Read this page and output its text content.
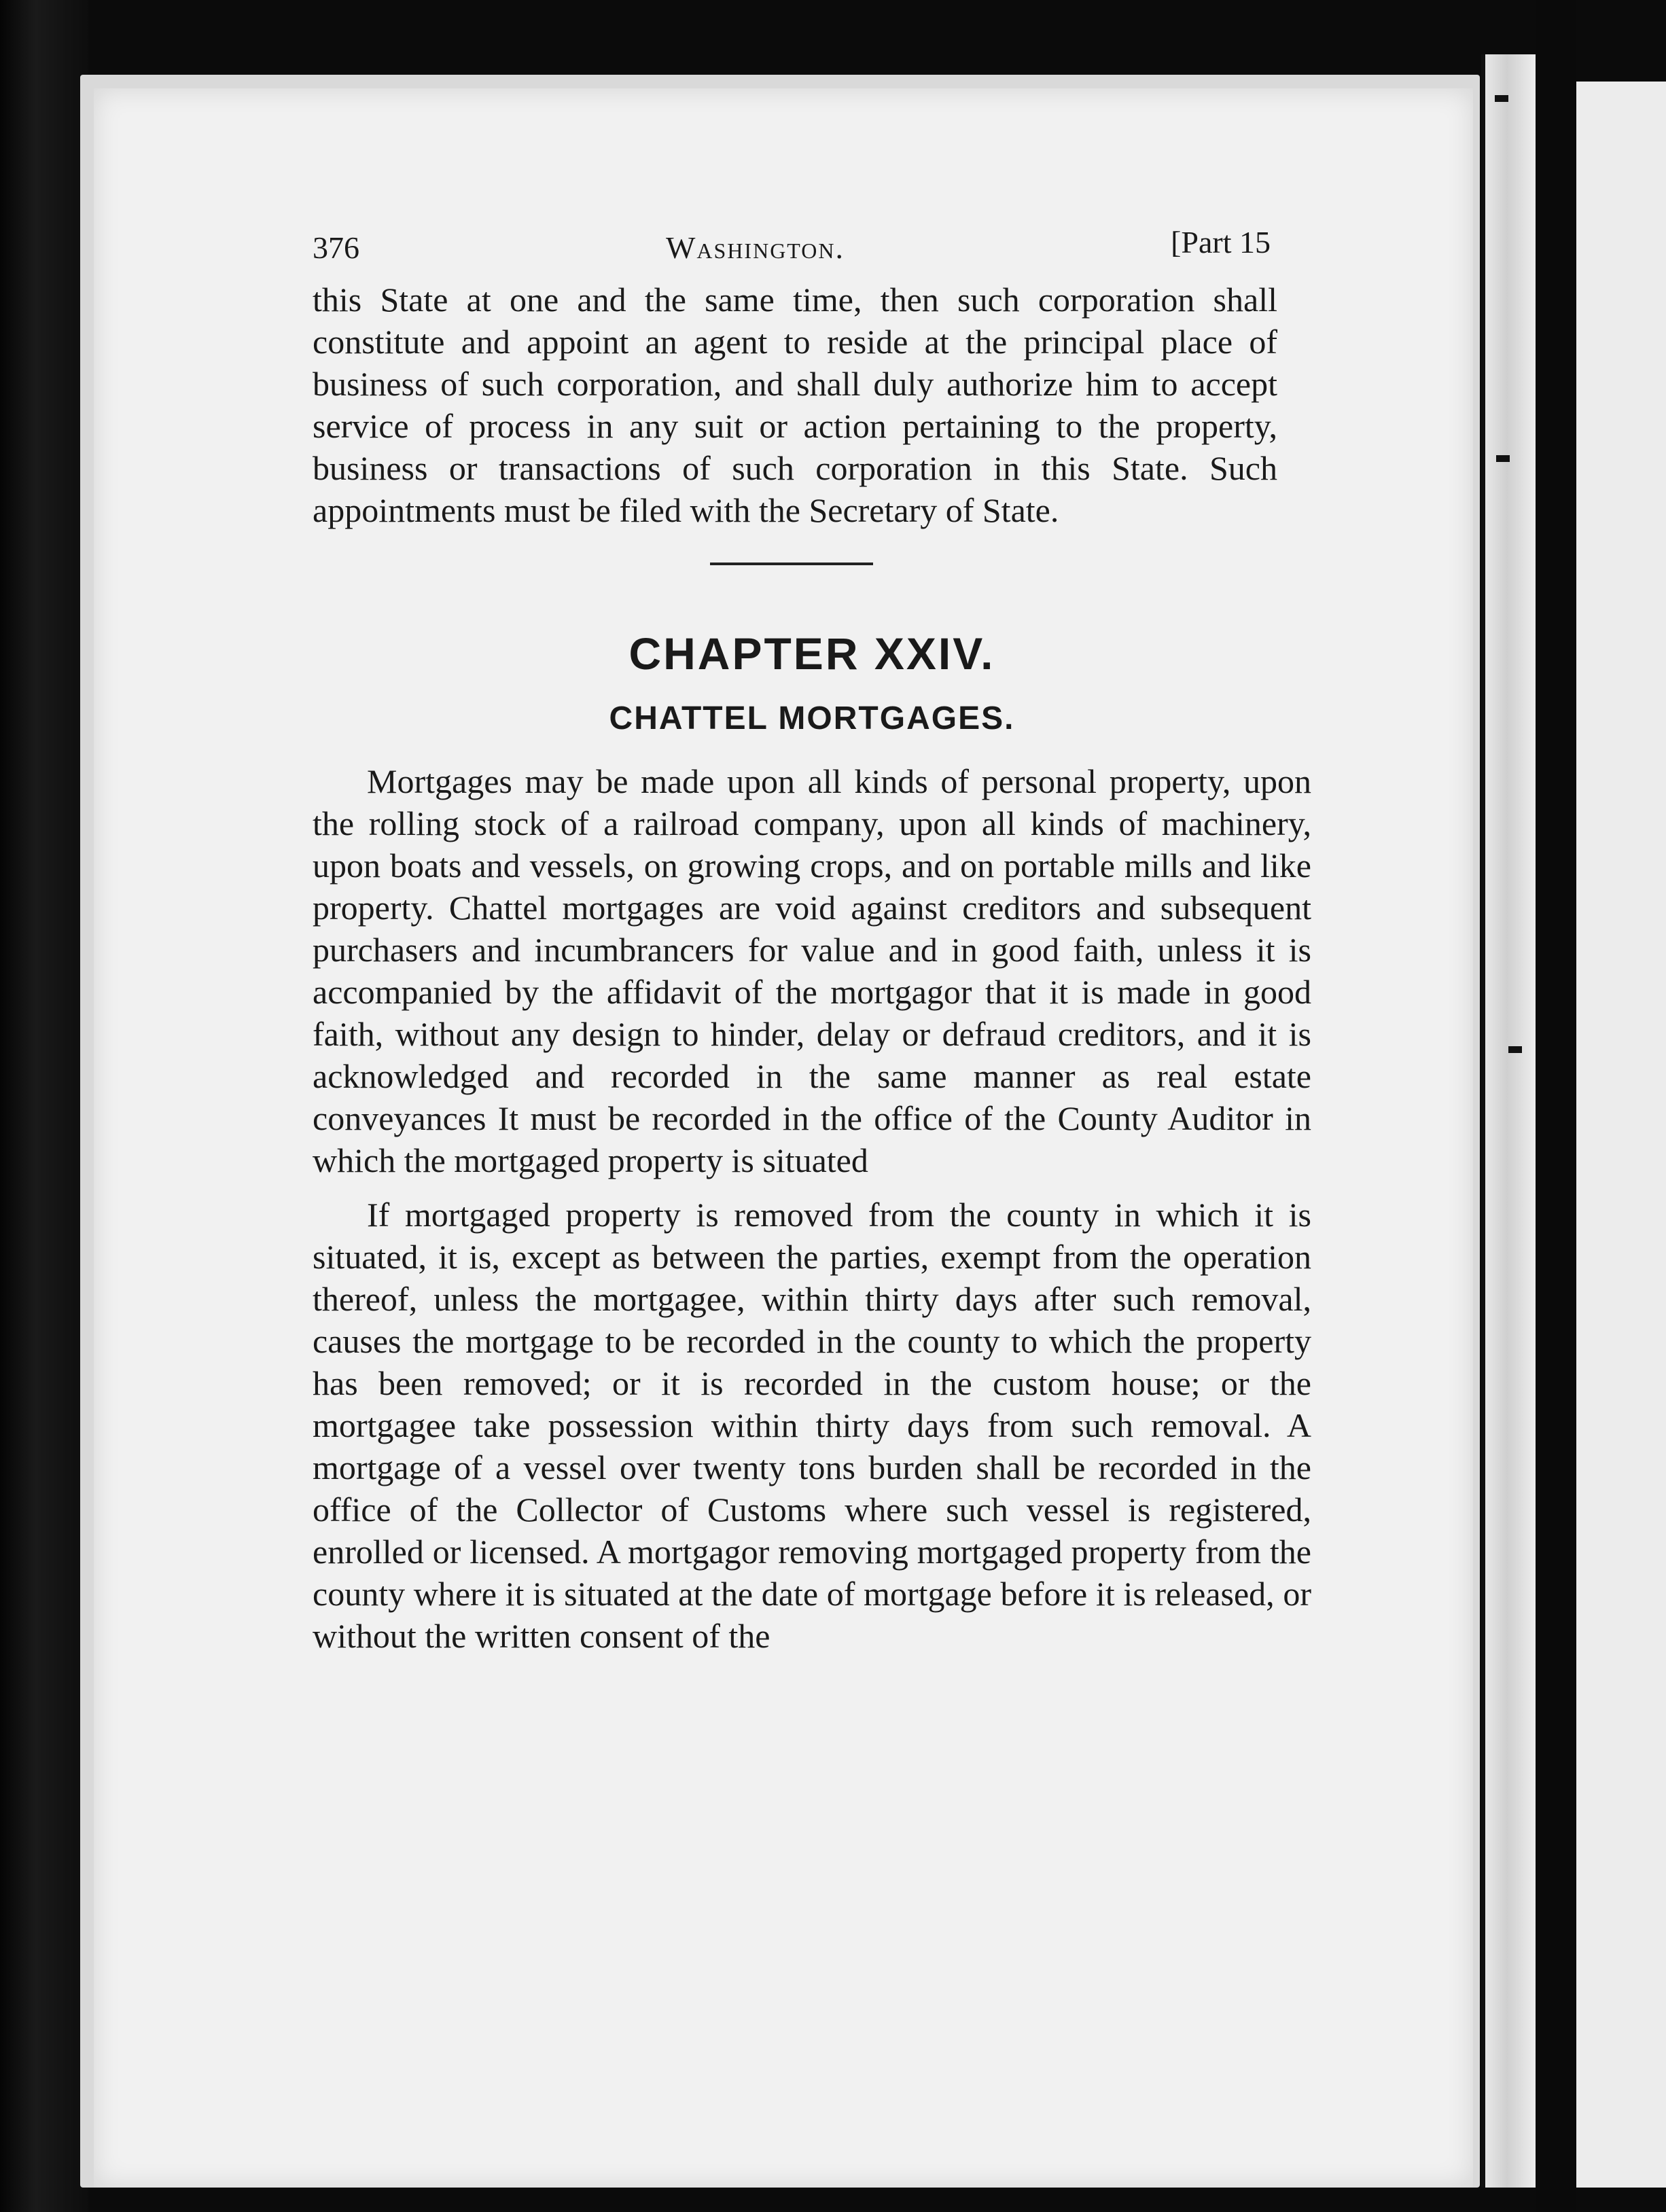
376	Washington.	[Part 15

this State at one and the same time, then such corporation shall constitute and appoint an agent to reside at the principal place of business of such corporation, and shall duly authorize him to accept service of process in any suit or action pertaining to the property, business or transactions of such corporation in this State. Such appointments must be filed with the Secretary of State.

CHAPTER XXIV.
CHATTEL MORTGAGES.

Mortgages may be made upon all kinds of personal property, upon the rolling stock of a railroad company, upon all kinds of machinery, upon boats and vessels, on growing crops, and on portable mills and like property. Chattel mortgages are void against creditors and subsequent purchasers and incumbrancers for value and in good faith, unless it is accompanied by the affidavit of the mortgagor that it is made in good faith, without any design to hinder, delay or defraud creditors, and it is acknowledged and recorded in the same manner as real estate conveyances It must be recorded in the office of the County Auditor in which the mortgaged property is situated

If mortgaged property is removed from the county in which it is situated, it is, except as between the parties, exempt from the operation thereof, unless the mortgagee, within thirty days after such removal, causes the mortgage to be recorded in the county to which the property has been removed; or it is recorded in the custom house; or the mortgagee take possession within thirty days from such removal. A mortgage of a vessel over twenty tons burden shall be recorded in the office of the Collector of Customs where such vessel is registered, enrolled or licensed. A mortgagor removing mortgaged property from the county where it is situated at the date of mortgage before it is released, or without the written consent of the
